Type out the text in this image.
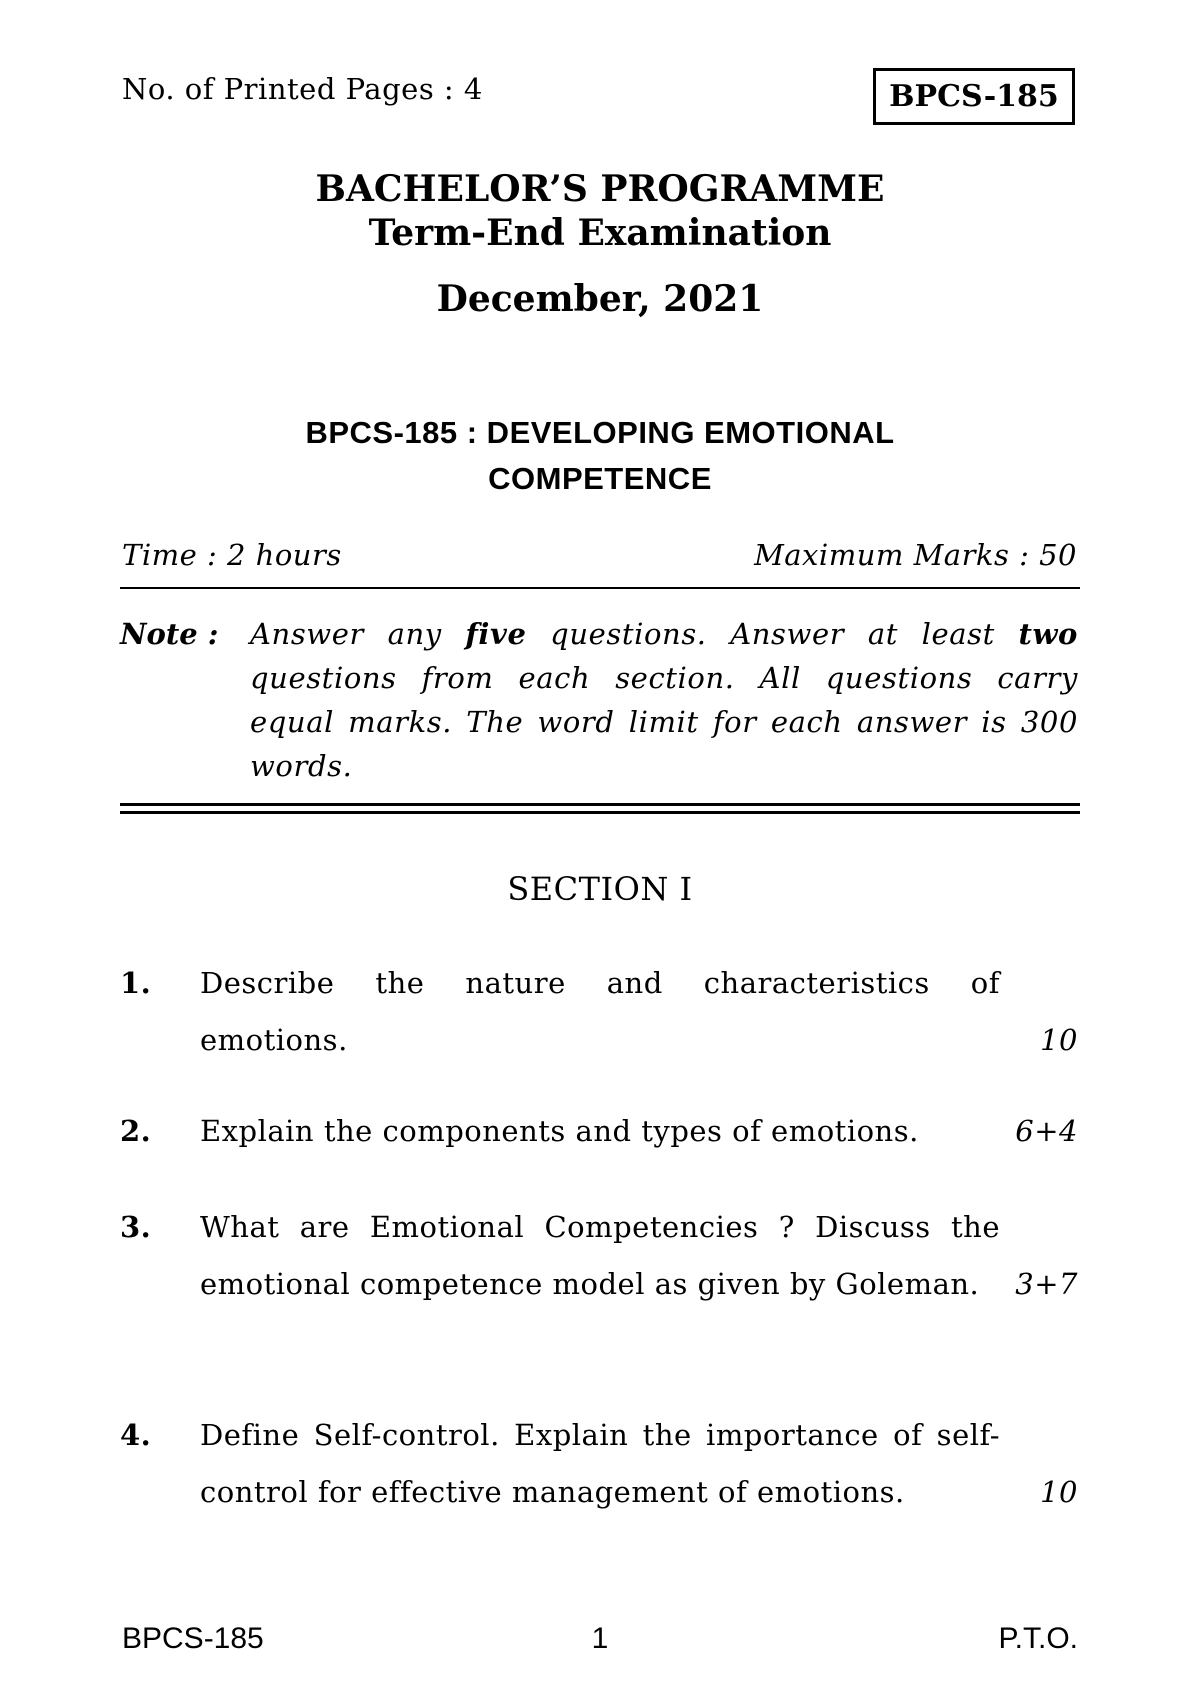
No. of Printed Pages : 4	BPCS-185
BACHELOR’S PROGRAMME
Term-End Examination
December, 2021
BPCS-185 : DEVELOPING EMOTIONAL
COMPETENCE
Time : 2 hours	Maximum Marks : 50
Note :	Answer any five questions. Answer at least two questions from each section. All questions carry equal marks. The word limit for each answer is 300 words.
SECTION I
1.	Describe the nature and characteristics of emotions.	10
2.	Explain the components and types of emotions.	6+4
3.	What are Emotional Competencies ? Discuss the emotional competence model as given by Goleman.	3+7
4.	Define Self-control. Explain the importance of self-control for effective management of emotions.	10
BPCS-185	1	P.T.O.
